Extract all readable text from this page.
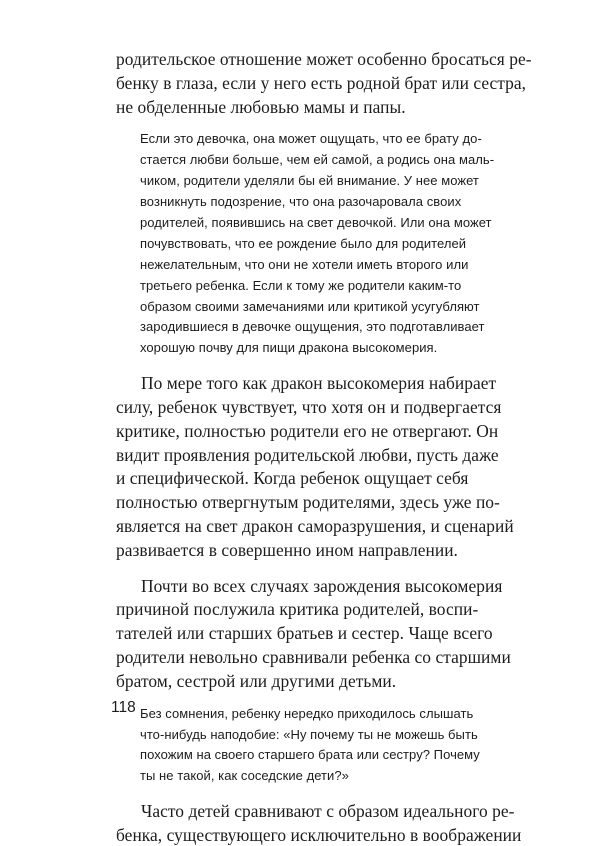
118

родительское отношение может особенно бросаться ре-

бенку в глаза, если у него есть родной брат или сестра,

не обделенные любовью мамы и папы.

Если это девочка, она может ощущать, что ее брату до-

стается любви больше, чем ей самой, а родись она маль-

чиком, родители уделяли бы ей внимание. У нее может

возникнуть подозрение, что она разочаровала своих

родителей, появившись на свет девочкой. Или она может

почувствовать, что ее рождение было для родителей

нежелательным, что они не хотели иметь второго или

третьего ребенка. Если к тому же родители каким-то

образом своими замечаниями или критикой усугубляют

зародившиеся в девочке ощущения, это подготавливает

хорошую почву для пищи дракона высокомерия.

По мере того как дракон высокомерия набирает

силу, ребенок чувствует, что хотя он и подвергается

критике, полностью родители его не отвергают. Он

видит проявления родительской любви, пусть даже

и специфической. Когда ребенок ощущает себя

полностью отвергнутым родителями, здесь уже по-

является на свет дракон саморазрушения, и сценарий

развивается в совершенно ином направлении.

Почти во всех случаях зарождения высокомерия

причиной послужила критика родителей, воспи-

тателей или старших братьев и сестер. Чаще всего

родители невольно сравнивали ребенка со старшими

братом, сестрой или другими детьми.

Без сомнения, ребенку нередко приходилось слышать

что-нибудь наподобие: «Ну почему ты не можешь быть

похожим на своего старшего брата или сестру? Почему

ты не такой, как соседские дети?»

Часто детей сравнивают с образом идеального ре-

бенка, существующего исключительно в воображении
